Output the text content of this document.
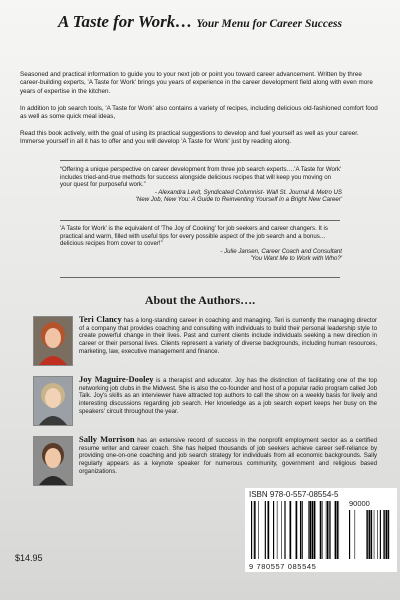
A Taste for Work… Your Menu for Career Success

Seasoned and practical information to guide you to your next job or point you toward career advancement. Written by three career-building experts, 'A Taste for Work' brings you years of experience in the career development field along with even more years of expertise in the kitchen.

In addition to job search tools, 'A Taste for Work' also contains a variety of recipes, including delicious old-fashioned comfort food as well as some quick meal ideas,

Read this book actively, with the goal of using its practical suggestions to develop and fuel yourself as well as your career. Immerse yourself in all it has to offer and you will develop 'A Taste for Work' just by reading along.

“Offering a unique perspective on career development from three job search experts….'A Taste for Work' includes tried-and-true methods for success alongside delicious recipes that will keep you moving on your quest for purposeful work.”
- Alexandra Levit, Syndicated Columnist- Wall St. Journal & Metro US
'New Job, New You: A Guide to Reinventing Yourself in a Bright New Career'
'A Taste for Work' is the equivalent of 'The Joy of Cooking' for job seekers and career changers. It is practical and warm, filled with useful tips for every possible aspect of the job search and a bonus…delicious recipes from cover to cover!”
- Julie Jansen, Career Coach and Consultant
'You Want Me to Work with Who?'
About the Authors….
Teri Clancy has a long-standing career in coaching and managing. Teri is currently the managing director of a company that provides coaching and consulting with individuals to build their personal leadership style to create powerful change in their lives. Past and current clients include individuals seeking a new direction in career or their personal lives. Clients represent a variety of diverse backgrounds, including human resources, marketing, law, executive management and finance.
Joy Maguire-Dooley is a therapist and educator. Joy has the distinction of facilitating one of the top networking job clubs in the Midwest. She is also the co-founder and host of a popular radio program called Job Talk. Joy's skills as an interviewer have attracted top authors to call the show on a weekly basis for lively and interesting discussions regarding job search. Her knowledge as a job search expert keeps her busy on the speakers' circuit throughout the year.
Sally Morrison has an extensive record of success in the nonprofit employment sector as a certified resume writer and career coach. She has helped thousands of job seekers achieve career self-reliance by providing one-on-one coaching and job search strategy for individuals from all economic backgrounds. Sally regularly appears as a keynote speaker for numerous community, government and religious based organizations.
$14.95
ISBN 978-0-557-08554-5
90000
9 780557 085545
